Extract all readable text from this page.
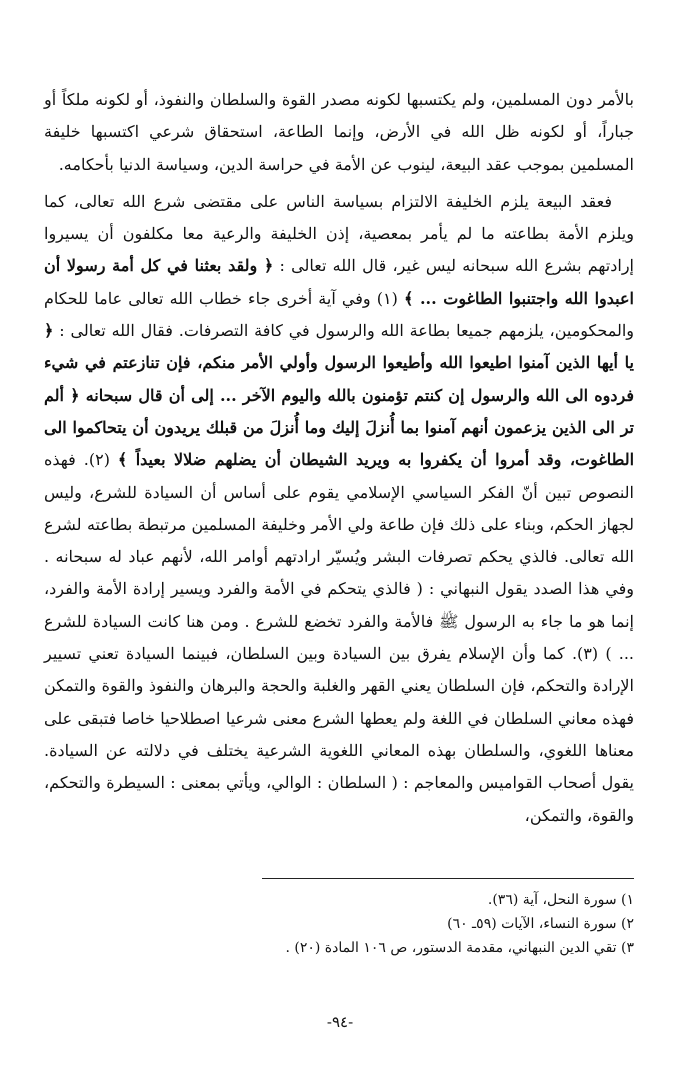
بالأمر دون المسلمين، ولم يكتسبها لكونه مصدر القوة والسلطان والنفوذ، أو لكونه ملكاً أو جباراً، أو لكونه ظل الله في الأرض، وإنما الطاعة، استحقاق شرعي اكتسبها خليفة المسلمين بموجب عقد البيعة، لينوب عن الأمة في حراسة الدين، وسياسة الدنيا بأحكامه.

فعقد البيعة يلزم الخليفة الالتزام بسياسة الناس على مقتضى شرع الله تعالى، كما ويلزم الأمة بطاعته ما لم يأمر بمعصية، إذن الخليفة والرعية معا مكلفون أن يسيروا إرادتهم بشرع الله سبحانه ليس غير، قال الله تعالى : ﴿ ولقد بعثنا في كل أمة رسولا أن اعبدوا الله واجتنبوا الطاغوت ... ﴾ (١) وفي آية أخرى جاء خطاب الله تعالى عاما للحكام والمحكومين، يلزمهم جميعا بطاعة الله والرسول في كافة التصرفات. فقال الله تعالى : ﴿ يا أيها الذين آمنوا اطيعوا الله وأطيعوا الرسول وأولي الأمر منكم، فإن تنازعتم في شيء فردوه الى الله والرسول إن كنتم تؤمنون بالله واليوم الآخر ... إلى أن قال سبحانه ﴿ ألم تر الى الذين يزعمون أنهم آمنوا بما أُنزلَ إليك وما أُنزلَ من قبلك يريدون أن يتحاكموا الى الطاغوت، وقد أمروا أن يكفروا به ويريد الشيطان أن يضلهم ضلالا بعيداً ﴾ (٢). فهذه النصوص تبين أنّ الفكر السياسي الإسلامي يقوم على أساس أن السيادة للشرع، وليس لجهاز الحكم، وبناء على ذلك فإن طاعة ولي الأمر وخليفة المسلمين مرتبطة بطاعته لشرع الله تعالى. فالذي يحكم تصرفات البشر ويُسيّر ارادتهم أوامر الله، لأنهم عباد له سبحانه . وفي هذا الصدد يقول النبهاني : ( فالذي يتحكم في الأمة والفرد ويسير إرادة الأمة والفرد، إنما هو ما جاء به الرسول ﷺ فالأمة والفرد تخضع للشرع . ومن هنا كانت السيادة للشرع ... ) (٣). كما وأن الإسلام يفرق بين السيادة وبين السلطان، فبينما السيادة تعني تسيير الإرادة والتحكم، فإن السلطان يعني القهر والغلبة والحجة والبرهان والنفوذ والقوة والتمكن فهذه معاني السلطان في اللغة ولم يعطها الشرع معنى شرعيا اصطلاحيا خاصا فتبقى على معناها اللغوي، والسلطان بهذه المعاني اللغوية الشرعية يختلف في دلالته عن السيادة. يقول أصحاب القواميس والمعاجم : ( السلطان : الوالي، ويأتي بمعنى : السيطرة والتحكم، والقوة، والتمكن،

١) سورة النحل، آية (٣٦).
٢) سورة النساء، الآيات (٥٩ـ ٦٠)
٣) تقي الدين النبهاني، مقدمة الدستور، ص ١٠٦ المادة (٢٠) .
-٩٤-
